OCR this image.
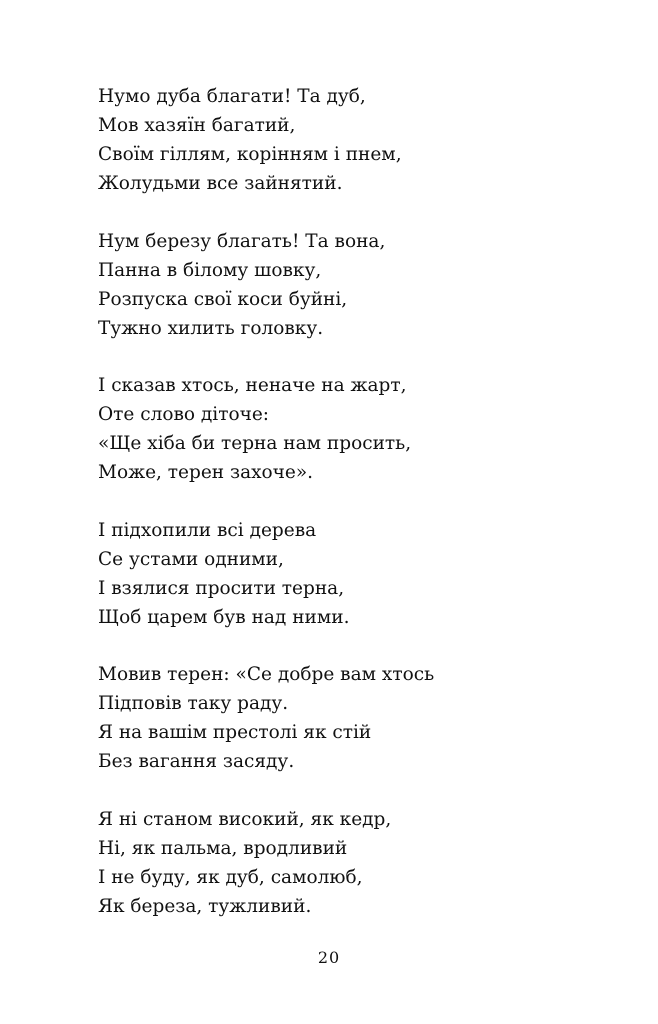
Нумо дуба благати! Та дуб,
Мов хазяїн багатий,
Своїм гіллям, корінням і пнем,
Жолудьми все зайнятий.
Нум березу благать! Та вона,
Панна в білому шовку,
Розпуска свої коси буйні,
Тужно хилить головку.
І сказав хтось, неначе на жарт,
Оте слово діточе:
«Ще хіба би терна нам просить,
Може, терен захоче».
І підхопили всі дерева
Се устами одними,
І взялися просити терна,
Щоб царем був над ними.
Мовив терен: «Се добре вам хтось
Підповів таку раду.
Я на вашім престолі як стій
Без вагання засяду.
Я ні станом високий, як кедр,
Ні, як пальма, вродливий
І не буду, як дуб, самолюб,
Як береза, тужливий.
20
